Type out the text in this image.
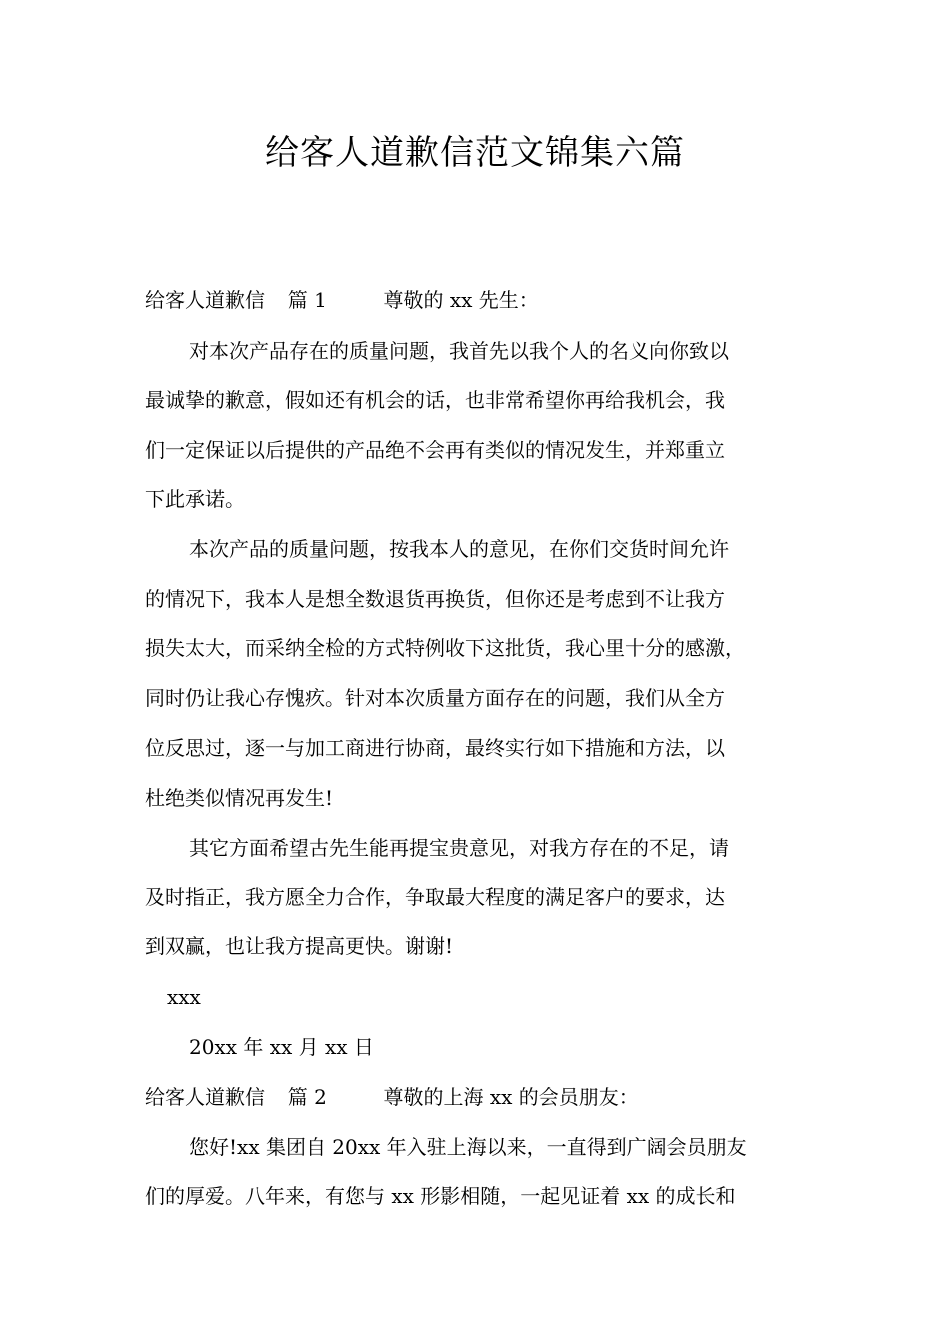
给客人道歉信范文锦集六篇
给客人道歉信 篇 1	尊敬的 xx 先生：
对本次产品存在的质量问题，我首先以我个人的名义向你致以
最诚挚的歉意，假如还有机会的话，也非常希望你再给我机会，我
们一定保证以后提供的产品绝不会再有类似的情况发生，并郑重立
下此承诺。
本次产品的质量问题，按我本人的意见，在你们交货时间允许
的情况下，我本人是想全数退货再换货，但你还是考虑到不让我方
损失太大，而采纳全检的方式特例收下这批货，我心里十分的感激，
同时仍让我心存愧疚。针对本次质量方面存在的问题，我们从全方
位反思过，逐一与加工商进行协商，最终实行如下措施和方法，以
杜绝类似情况再发生!
其它方面希望古先生能再提宝贵意见，对我方存在的不足，请
及时指正，我方愿全力合作，争取最大程度的满足客户的要求，达
到双赢，也让我方提高更快。谢谢!
xxx
20xx 年 xx 月 xx 日
给客人道歉信 篇 2	尊敬的上海 xx 的会员朋友：
您好!xx 集团自 20xx 年入驻上海以来，一直得到广阔会员朋友
们的厚爱。八年来，有您与 xx 形影相随，一起见证着 xx 的成长和
